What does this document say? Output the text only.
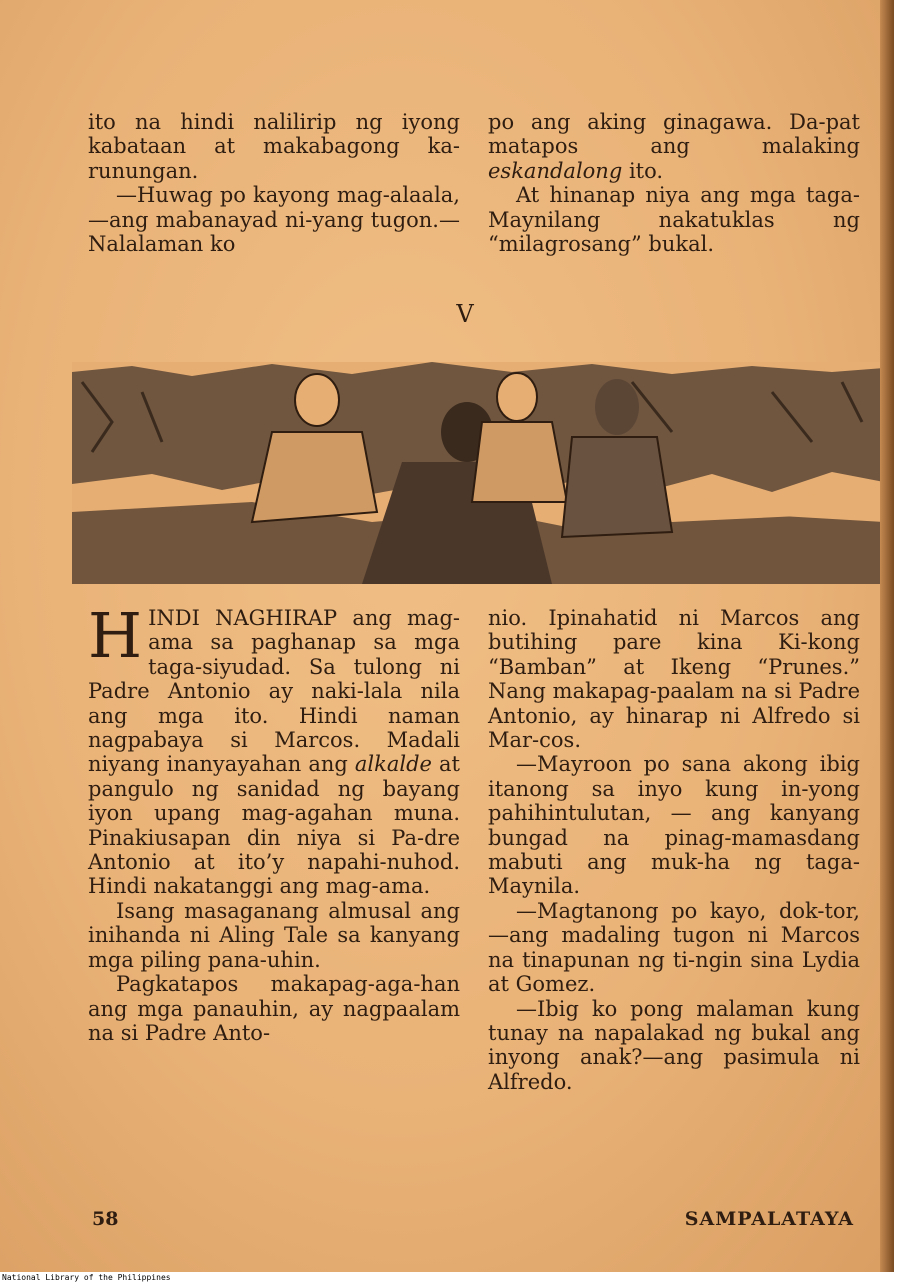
ito na hindi nalilirip ng iyong kabataan at makabagong ka-runungan.

—Huwag po kayong mag-alaala,—ang mabanayad ni-yang tugon.—Nalalaman ko

po ang aking ginagawa. Da-pat matapos ang malaking eskandalong ito.

At hinanap niya ang mga taga-Maynilang nakatuklas ng “milagrosang” bukal.

V

HINDI NAGHIRAP ang mag-ama sa paghanap sa mga taga-siyudad. Sa tulong ni Padre Antonio ay naki-lala nila ang mga ito. Hindi naman nagpabaya si Marcos. Madali niyang inanyayahan ang alkalde at pangulo ng sanidad ng bayang iyon upang mag-agahan muna. Pinakiusapan din niya si Pa-dre Antonio at ito’y napahi-nuhod. Hindi nakatanggi ang mag-ama.

Isang masaganang almusal ang inihanda ni Aling Tale sa kanyang mga piling pana-uhin.

Pagkatapos makapag-aga-han ang mga panauhin, ay nagpaalam na si Padre Anto-

nio. Ipinahatid ni Marcos ang butihing pare kina Ki-kong “Bamban” at Ikeng “Prunes.” Nang makapag-paalam na si Padre Antonio, ay hinarap ni Alfredo si Mar-cos.

—Mayroon po sana akong ibig itanong sa inyo kung in-yong pahihintulutan, — ang kanyang bungad na pinag-mamasdang mabuti ang muk-ha ng taga-Maynila.

—Magtanong po kayo, dok-tor,—ang madaling tugon ni Marcos na tinapunan ng ti-ngin sina Lydia at Gomez.

—Ibig ko pong malaman kung tunay na napalakad ng bukal ang inyong anak?—ang pasimula ni Alfredo.

58	SAMPALATAYA
National Library of the Philippines
